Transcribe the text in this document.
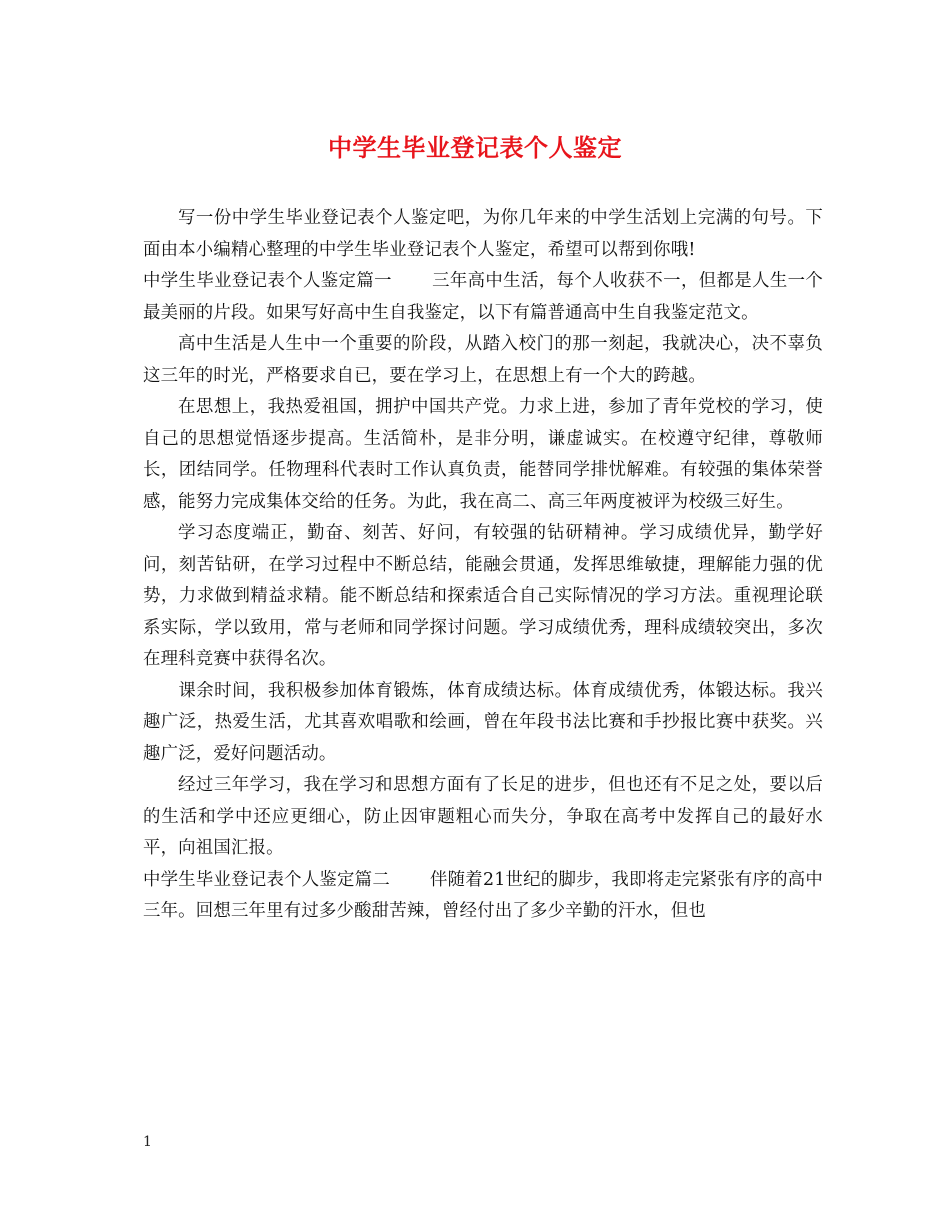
中学生毕业登记表个人鉴定

写一份中学生毕业登记表个人鉴定吧，为你几年来的中学生活划上完满的句号。下面由本小编精心整理的中学生毕业登记表个人鉴定，希望可以帮到你哦!

中学生毕业登记表个人鉴定篇一 三年高中生活，每个人收获不一，但都是人生一个最美丽的片段。如果写好高中生自我鉴定，以下有篇普通高中生自我鉴定范文。

高中生活是人生中一个重要的阶段，从踏入校门的那一刻起，我就决心，决不辜负这三年的时光，严格要求自已，要在学习上，在思想上有一个大的跨越。

在思想上，我热爱祖国，拥护中国共产党。力求上进，参加了青年党校的学习，使自己的思想觉悟逐步提高。生活简朴，是非分明，谦虚诚实。在校遵守纪律，尊敬师长，团结同学。任物理科代表时工作认真负责，能替同学排忧解难。有较强的集体荣誉感，能努力完成集体交给的任务。为此，我在高二、高三年两度被评为校级三好生。

学习态度端正，勤奋、刻苦、好问，有较强的钻研精神。学习成绩优异，勤学好问，刻苦钻研，在学习过程中不断总结，能融会贯通，发挥思维敏捷，理解能力强的优势，力求做到精益求精。能不断总结和探索适合自己实际情况的学习方法。重视理论联系实际，学以致用，常与老师和同学探讨问题。学习成绩优秀，理科成绩较突出，多次在理科竞赛中获得名次。

课余时间，我积极参加体育锻炼，体育成绩达标。体育成绩优秀，体锻达标。我兴趣广泛，热爱生活，尤其喜欢唱歌和绘画，曾在年段书法比赛和手抄报比赛中获奖。兴趣广泛，爱好问题活动。

经过三年学习，我在学习和思想方面有了长足的进步，但也还有不足之处，要以后的生活和学中还应更细心，防止因审题粗心而失分，争取在高考中发挥自己的最好水平，向祖国汇报。

中学生毕业登记表个人鉴定篇二 伴随着21世纪的脚步，我即将走完紧张有序的高中三年。回想三年里有过多少酸甜苦辣，曾经付出了多少辛勤的汗水，但也

1
